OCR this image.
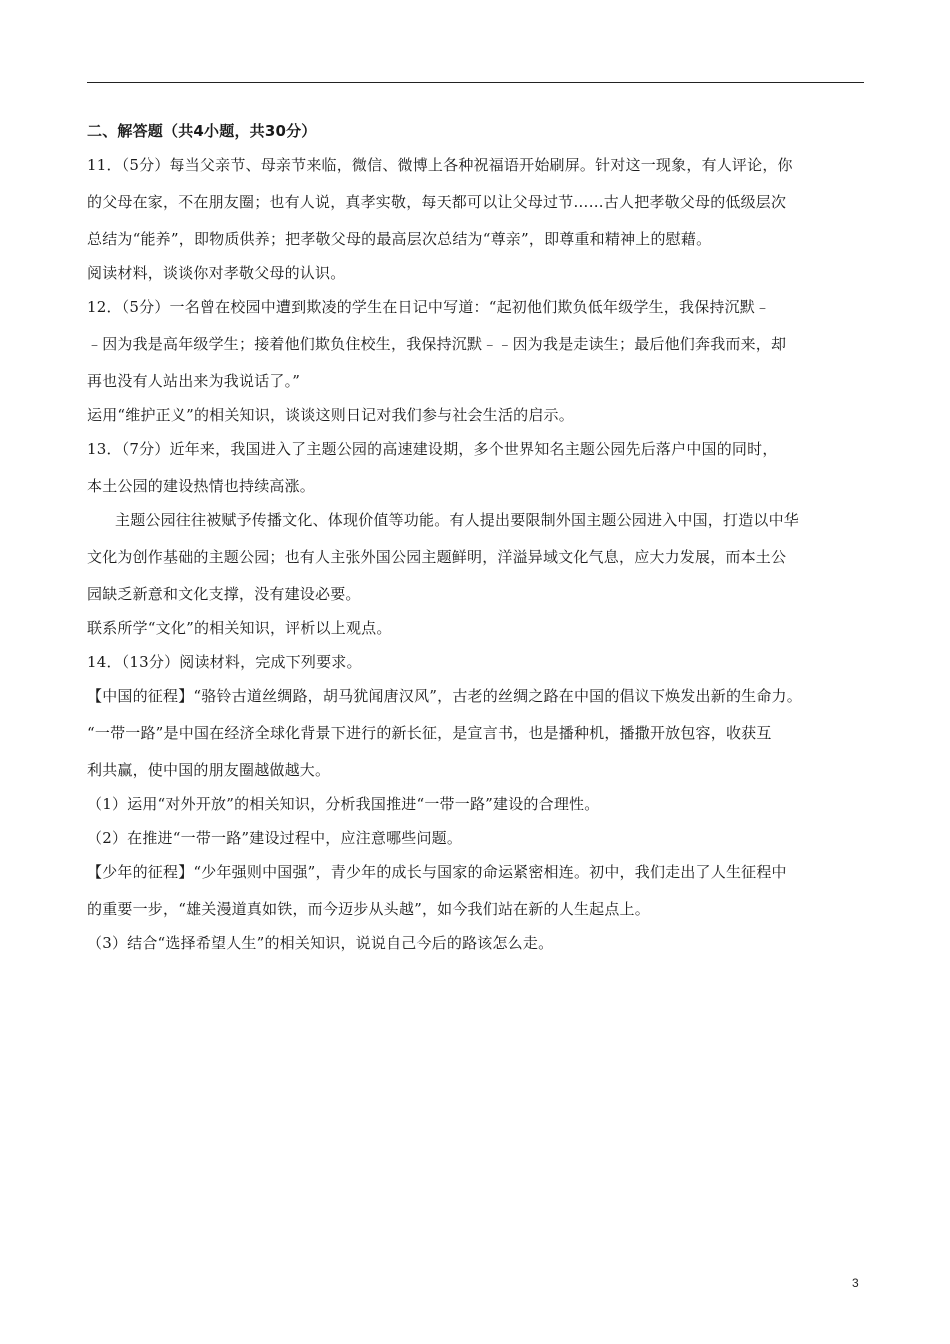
二、解答题（共4小题，共30分）
11．（5分）每当父亲节、母亲节来临，微信、微博上各种祝福语开始刷屏。针对这一现象，有人评论，你
的父母在家，不在朋友圈；也有人说，真孝实敬，每天都可以让父母过节……古人把孝敬父母的低级层次
总结为“能养”，即物质供养；把孝敬父母的最高层次总结为“尊亲”，即尊重和精神上的慰藉。
阅读材料，谈谈你对孝敬父母的认识。
12．（5分）一名曾在校园中遭到欺凌的学生在日记中写道：“起初他们欺负低年级学生，我保持沉默﹣
﹣因为我是高年级学生；接着他们欺负住校生，我保持沉默﹣﹣因为我是走读生；最后他们奔我而来，却
再也没有人站出来为我说话了。”
运用“维护正义”的相关知识，谈谈这则日记对我们参与社会生活的启示。
13．（7分）近年来，我国进入了主题公园的高速建设期，多个世界知名主题公园先后落户中国的同时，
本土公园的建设热情也持续高涨。
主题公园往往被赋予传播文化、体现价值等功能。有人提出要限制外国主题公园进入中国，打造以中华
文化为创作基础的主题公园；也有人主张外国公园主题鲜明，洋溢异域文化气息，应大力发展，而本土公
园缺乏新意和文化支撑，没有建设必要。
联系所学“文化”的相关知识，评析以上观点。
14．（13分）阅读材料，完成下列要求。
【中国的征程】“骆铃古道丝绸路，胡马犹闻唐汉风”，古老的丝绸之路在中国的倡议下焕发出新的生命力。
“一带一路”是中国在经济全球化背景下进行的新长征，是宣言书，也是播种机，播撒开放包容，收获互
利共赢，使中国的朋友圈越做越大。
（1）运用“对外开放”的相关知识，分析我国推进“一带一路”建设的合理性。
（2）在推进“一带一路”建设过程中，应注意哪些问题。
【少年的征程】“少年强则中国强”，青少年的成长与国家的命运紧密相连。初中，我们走出了人生征程中
的重要一步，“雄关漫道真如铁，而今迈步从头越”，如今我们站在新的人生起点上。
（3）结合“选择希望人生”的相关知识，说说自己今后的路该怎么走。
3
